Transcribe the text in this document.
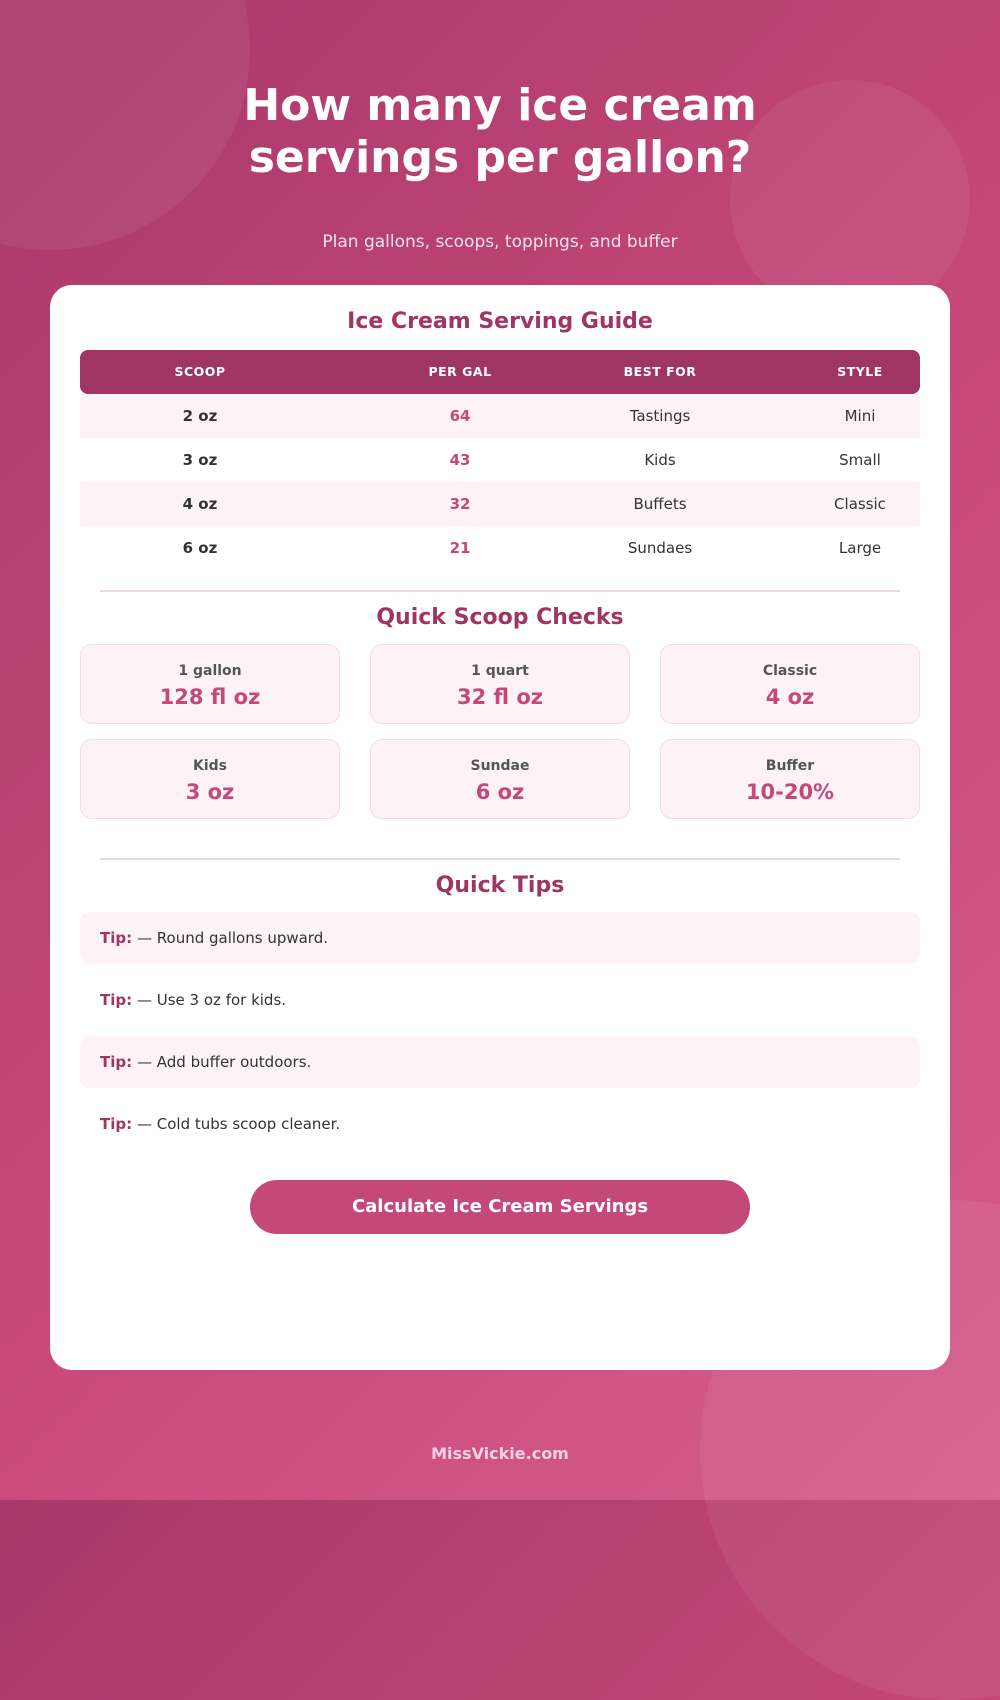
How many ice cream
servings per gallon?
Plan gallons, scoops, toppings, and buffer
Ice Cream Serving Guide
SCOOP	PER GAL	BEST FOR	STYLE
2 oz	64	Tastings	Mini
3 oz	43	Kids	Small
4 oz	32	Buffets	Classic
6 oz	21	Sundaes	Large
Quick Scoop Checks
1 gallon
128 fl oz
1 quart
32 fl oz
Classic
4 oz
Kids
3 oz
Sundae
6 oz
Buffer
10-20%
Quick Tips
Tip: — Round gallons upward.
Tip: — Use 3 oz for kids.
Tip: — Add buffer outdoors.
Tip: — Cold tubs scoop cleaner.
Calculate Ice Cream Servings
MissVickie.com
